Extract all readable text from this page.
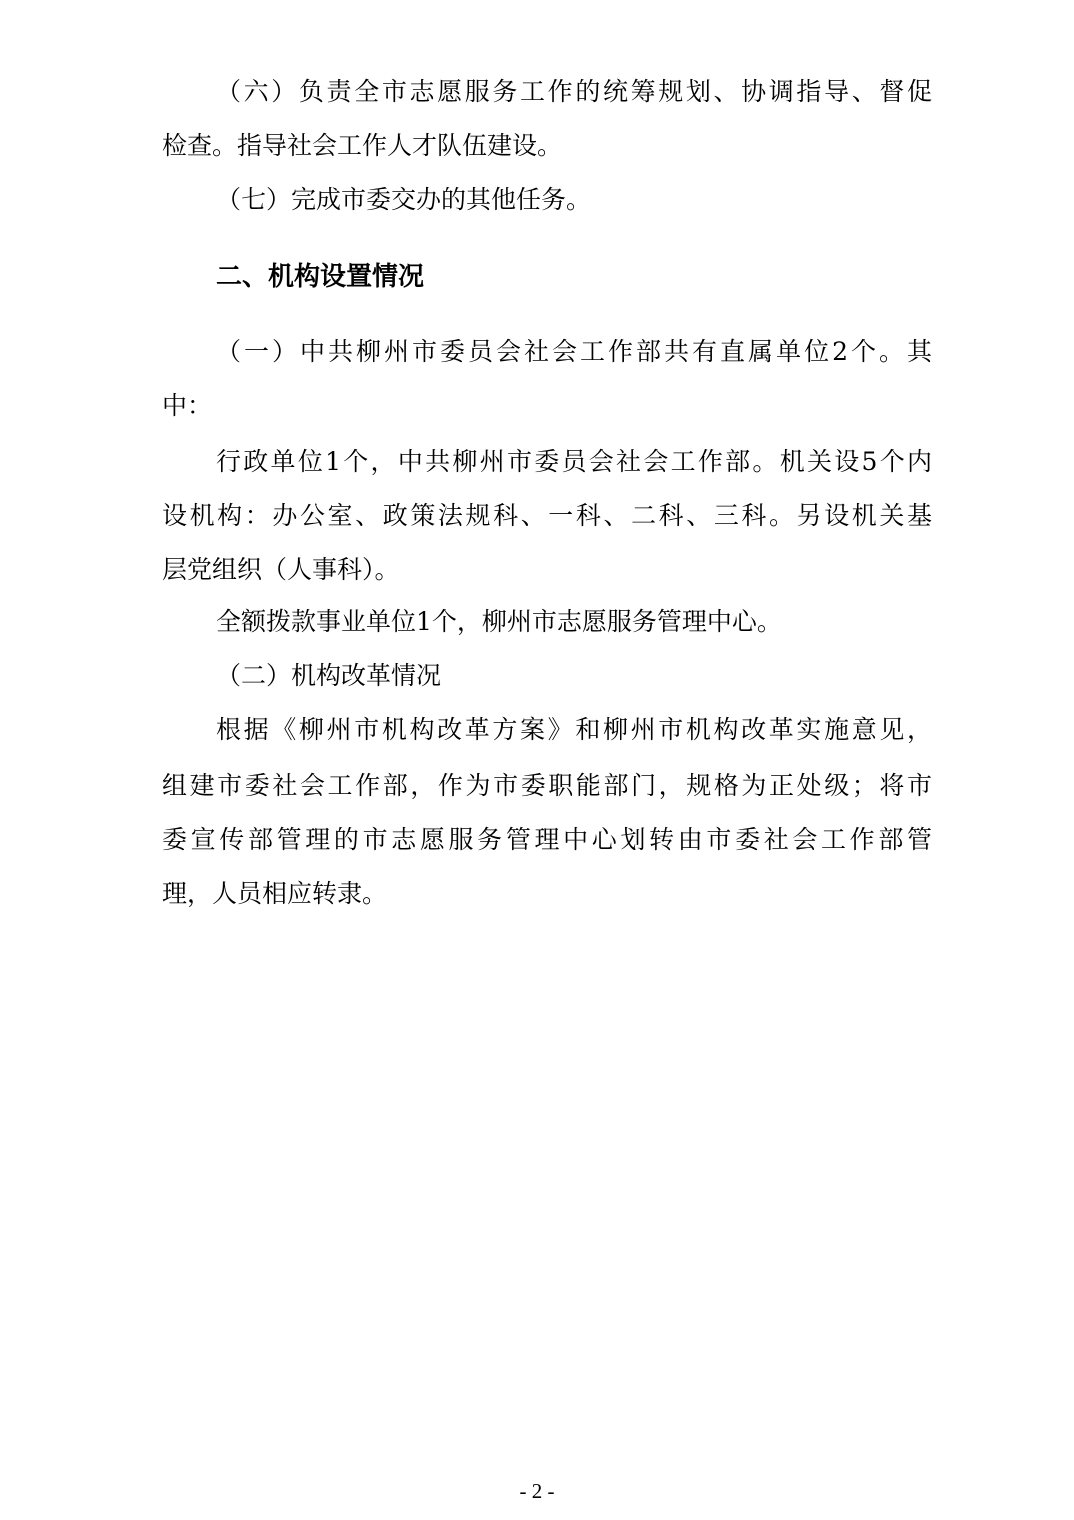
（六）负责全市志愿服务工作的统筹规划、协调指导、督促

检查。指导社会工作人才队伍建设。

（七）完成市委交办的其他任务。

二、机构设置情况

（一）中共柳州市委员会社会工作部共有直属单位2个。其

中：

行政单位1个，中共柳州市委员会社会工作部。机关设5个内

设机构：办公室、政策法规科、一科、二科、三科。另设机关基

层党组织（人事科）。

全额拨款事业单位1个，柳州市志愿服务管理中心。

（二）机构改革情况

根据《柳州市机构改革方案》和柳州市机构改革实施意见，

组建市委社会工作部，作为市委职能部门，规格为正处级；将市

委宣传部管理的市志愿服务管理中心划转由市委社会工作部管

理，人员相应转隶。

- 2 -
